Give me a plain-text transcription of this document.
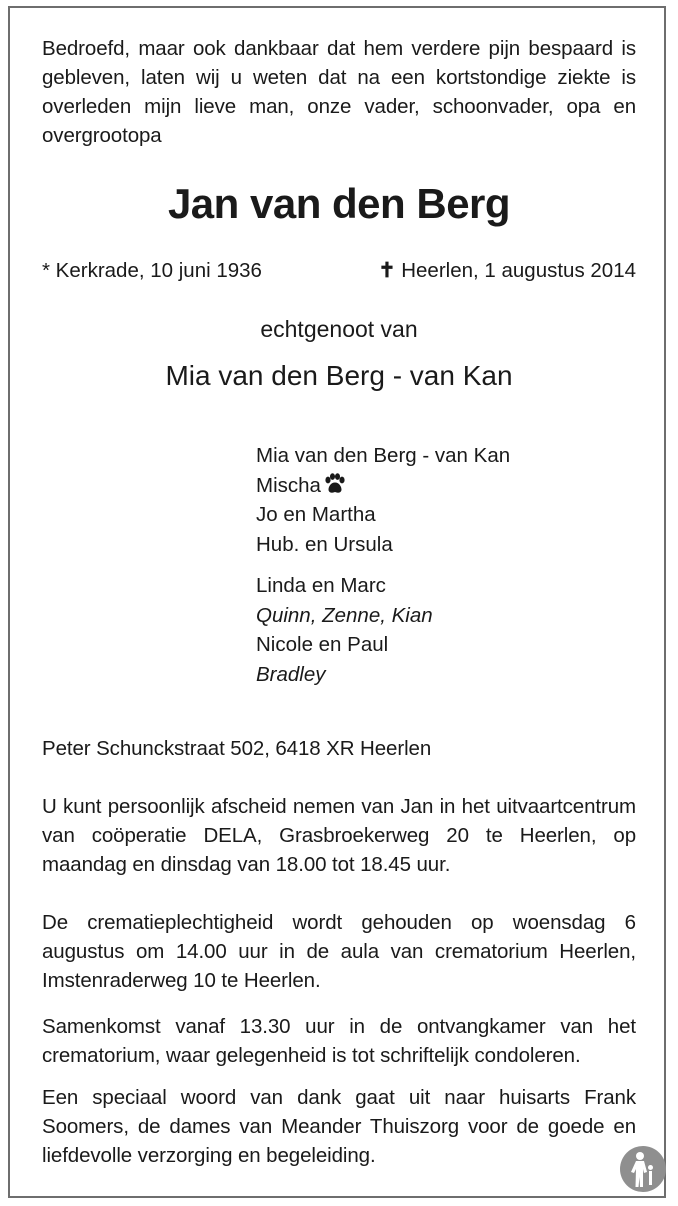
Bedroefd, maar ook dankbaar dat hem verdere pijn bespaard is gebleven, laten wij u weten dat na een kortstondige ziekte is overleden mijn lieve man, onze vader, schoonvader, opa en overgrootopa
Jan van den Berg
* Kerkrade, 10 juni 1936	✝ Heerlen, 1 augustus 2014
echtgenoot van
Mia van den Berg - van Kan
Mia van den Berg - van Kan
Mischa
Jo en Martha
Hub. en Ursula
Linda en Marc
Quinn, Zenne, Kian
Nicole en Paul
Bradley
Peter Schunckstraat 502, 6418 XR Heerlen
U kunt persoonlijk afscheid nemen van Jan in het uitvaartcentrum van coöperatie DELA, Grasbroekerweg 20 te Heerlen, op maandag en dinsdag van 18.00 tot 18.45 uur.
De crematieplechtigheid wordt gehouden op woensdag 6 augustus om 14.00 uur in de aula van crematorium Heerlen, Imstenraderweg 10 te Heerlen.
Samenkomst vanaf 13.30 uur in de ontvangkamer van het crematorium, waar gelegenheid is tot schriftelijk condoleren.
Een speciaal woord van dank gaat uit naar huisarts Frank Soomers, de dames van Meander Thuiszorg voor de goede en liefdevolle verzorging en begeleiding.
